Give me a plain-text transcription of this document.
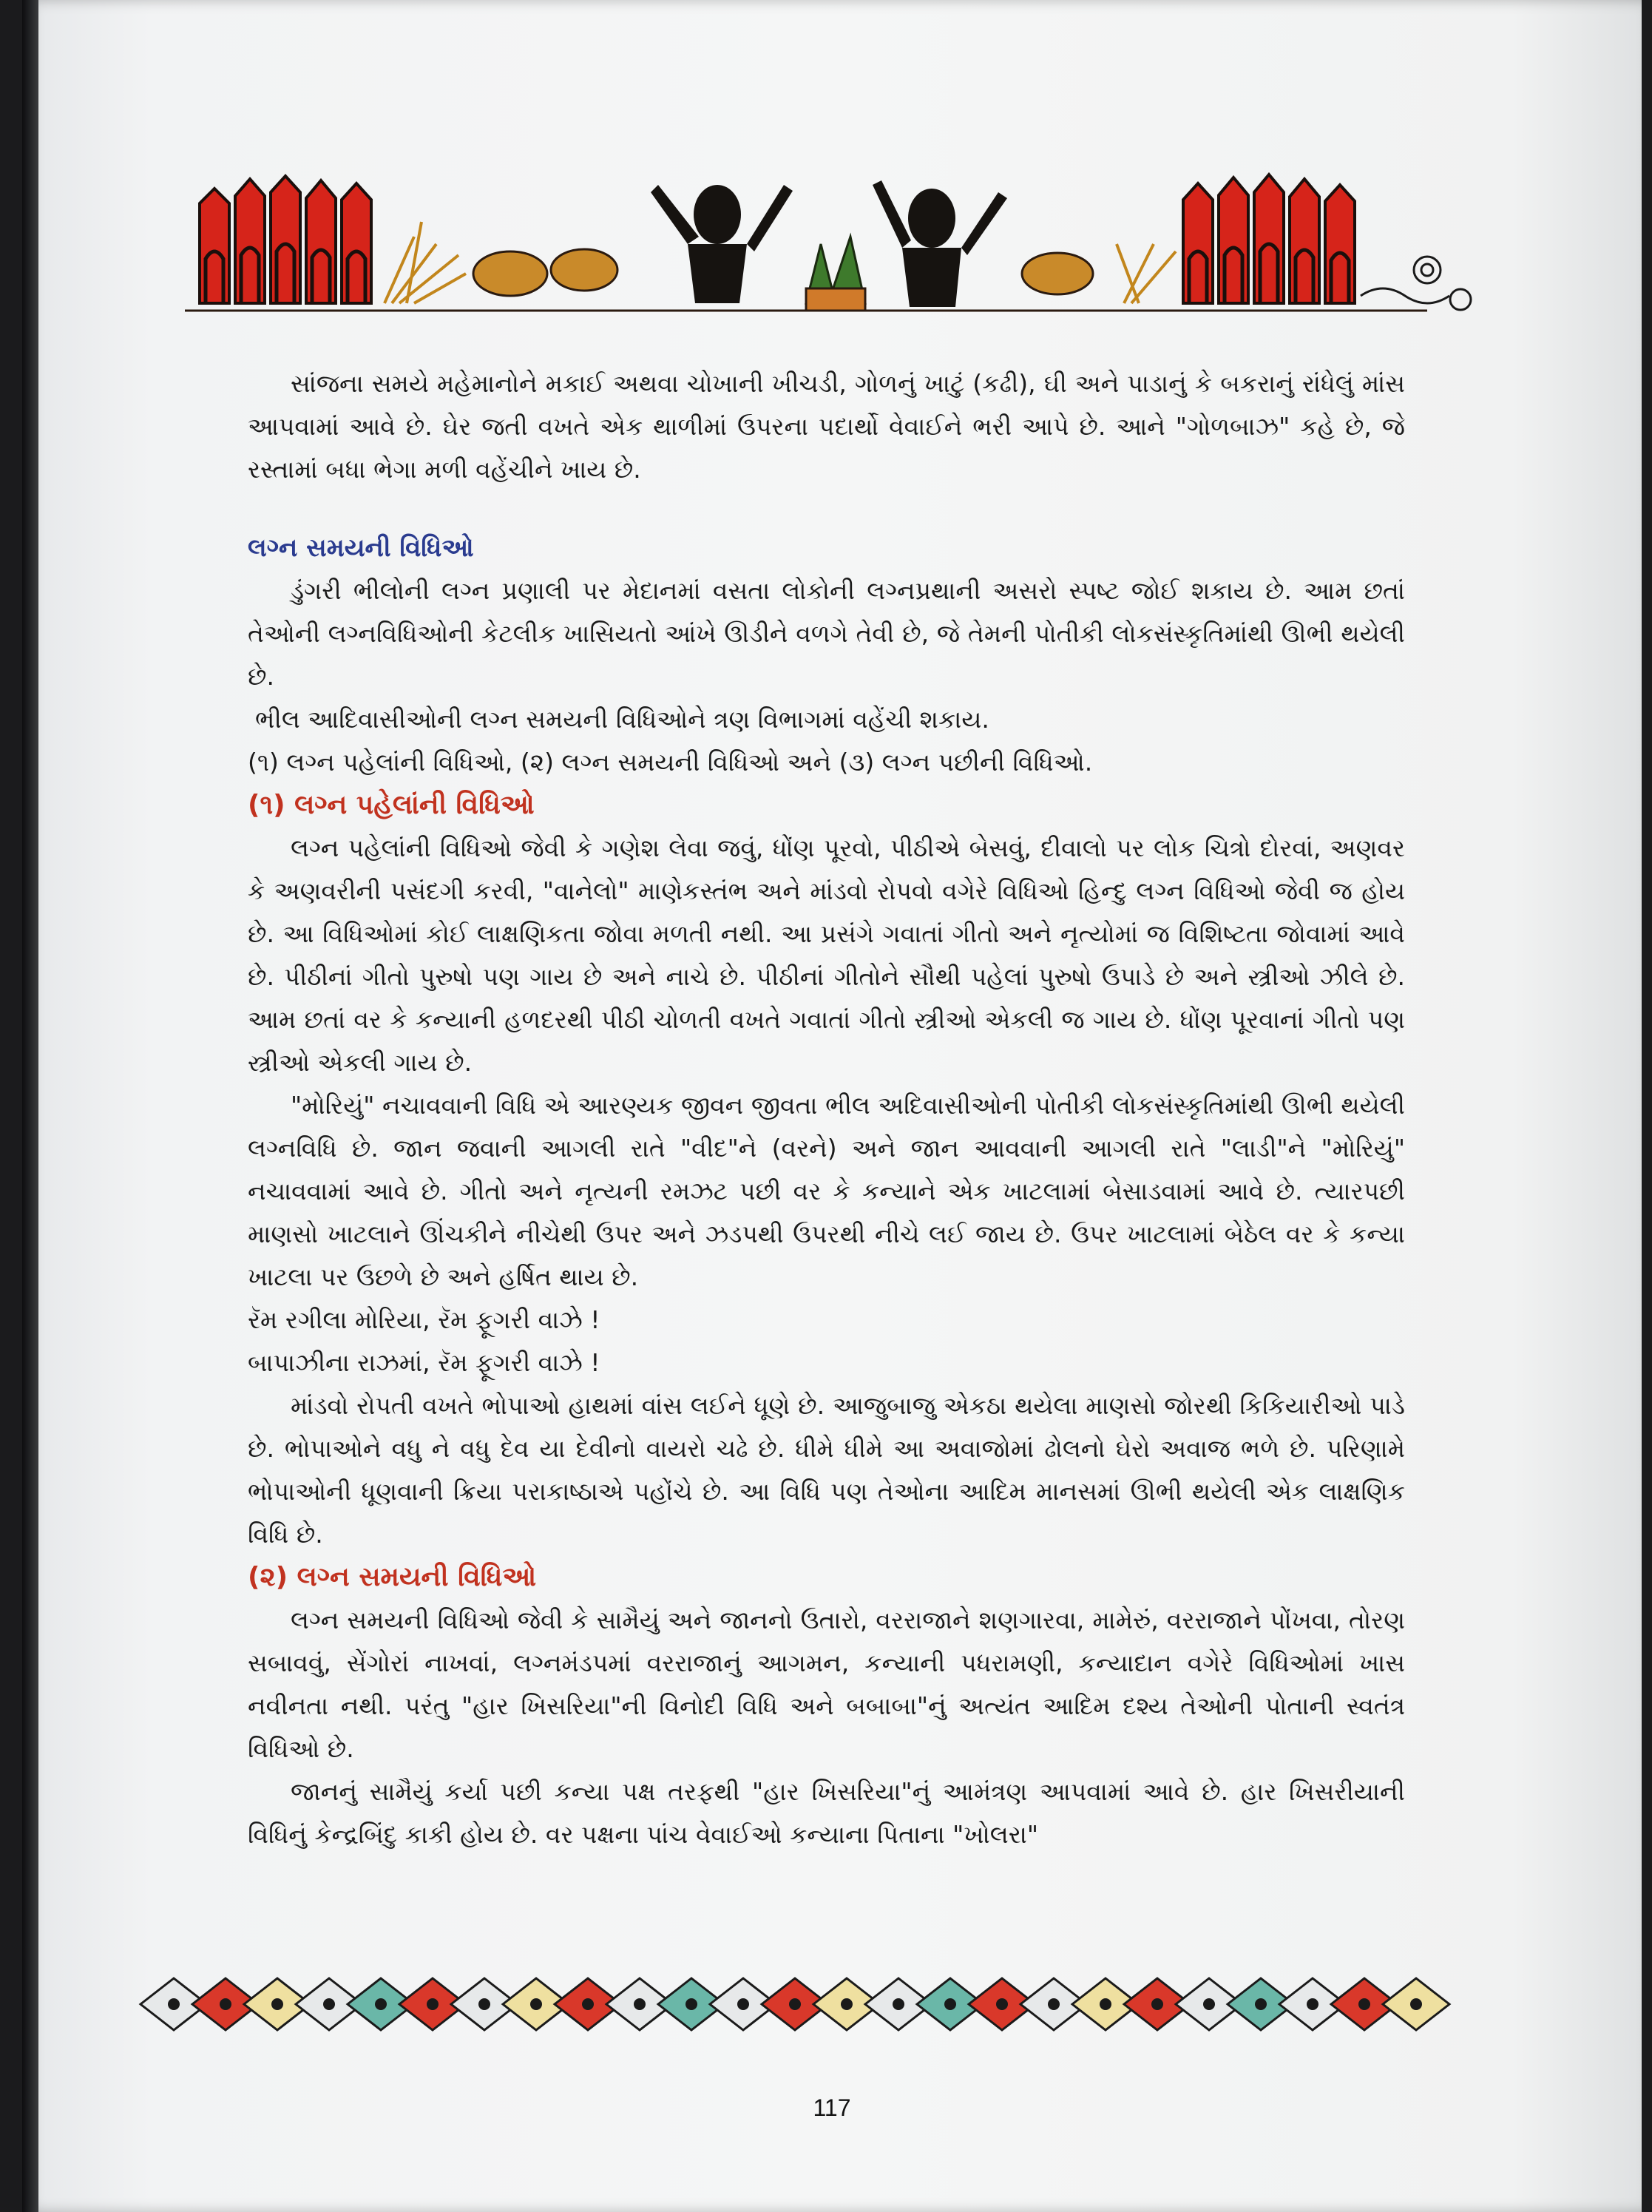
સાંજના સમયે મહેમાનોને મકાઈ અથવા ચોખાની ખીચડી, ગોળનું ખાટું (કઢી), ઘી અને પાડાનું કે બકરાનું રાંધેલું માંસ આપવામાં આવે છે. ઘેર જતી વખતે એક થાળીમાં ઉપરના પદાર્થો વેવાઈને ભરી આપે છે. આને "ગોળબાઝ" કહે છે, જે રસ્તામાં બધા ભેગા મળી વહેંચીને ખાય છે.

લગ્ન સમયની વિધિઓ

ડુંગરી ભીલોની લગ્ન પ્રણાલી પર મેદાનમાં વસતા લોકોની લગ્નપ્રથાની અસરો સ્પષ્ટ જોઈ શકાય છે. આમ છતાં તેઓની લગ્નવિધિઓની કેટલીક ખાસિયતો આંખે ઊડીને વળગે તેવી છે, જે તેમની પોતીકી લોકસંસ્કૃતિમાંથી ઊભી થયેલી છે.

ભીલ આદિવાસીઓની લગ્ન સમયની વિધિઓને ત્રણ વિભાગમાં વહેંચી શકાય.

(૧) લગ્ન પહેલાંની વિધિઓ, (૨) લગ્ન સમયની વિધિઓ અને (૩) લગ્ન પછીની વિધિઓ.

(૧) લગ્ન પહેલાંની વિધિઓ

લગ્ન પહેલાંની વિધિઓ જેવી કે ગણેશ લેવા જવું, ધોંણ પૂરવો, પીઠીએ બેસવું, દીવાલો પર લોક ચિત્રો દોરવાં, અણવર કે અણવરીની પસંદગી કરવી, "વાનેલો" માણેકસ્તંભ અને માંડવો રોપવો વગેરે વિધિઓ હિન્દુ લગ્ન વિધિઓ જેવી જ હોય છે. આ વિધિઓમાં કોઈ લાક્ષણિકતા જોવા મળતી નથી. આ પ્રસંગે ગવાતાં ગીતો અને નૃત્યોમાં જ વિશિષ્ટતા જોવામાં આવે છે. પીઠીનાં ગીતો પુરુષો પણ ગાય છે અને નાચે છે. પીઠીનાં ગીતોને સૌથી પહેલાં પુરુષો ઉપાડે છે અને સ્ત્રીઓ ઝીલે છે. આમ છતાં વર કે કન્યાની હળદરથી પીઠી ચોળતી વખતે ગવાતાં ગીતો સ્ત્રીઓ એકલી જ ગાય છે. ધોંણ પૂરવાનાં ગીતો પણ સ્ત્રીઓ એકલી ગાય છે.

"મોરિયું" નચાવવાની વિધિ એ આરણ્યક જીવન જીવતા ભીલ અદિવાસીઓની પોતીકી લોકસંસ્કૃતિમાંથી ઊભી થયેલી લગ્નવિધિ છે. જાન જવાની આગલી રાતે "વીદ"ને (વરને) અને જાન આવવાની આગલી રાતે "લાડી"ને "મોરિયું" નચાવવામાં આવે છે. ગીતો અને નૃત્યની રમઝટ પછી વર કે કન્યાને એક ખાટલામાં બેસાડવામાં આવે છે. ત્યારપછી માણસો ખાટલાને ઊંચકીને નીચેથી ઉપર અને ઝડપથી ઉપરથી નીચે લઈ જાય છે. ઉપર ખાટલામાં બેઠેલ વર કે કન્યા ખાટલા પર ઉછળે છે અને હર્ષિત થાય છે.

રૅમ રગીલા મોરિયા, રૅમ ફૂગરી વાઝે !

બાપાઝીના રાઝમાં, રૅમ ફૂગરી વાઝે !

માંડવો રોપતી વખતે ભોપાઓ હાથમાં વાંસ લઈને ધૂણે છે. આજુબાજુ એકઠા થયેલા માણસો જોરથી કિકિયારીઓ પાડે છે. ભોપાઓને વધુ ને વધુ દેવ યા દેવીનો વાયરો ચઢે છે. ધીમે ધીમે આ અવાજોમાં ઢોલનો ઘેરો અવાજ ભળે છે. પરિણામે ભોપાઓની ધૂણવાની ક્રિયા પરાકાષ્ઠાએ પહોંચે છે. આ વિધિ પણ તેઓના આદિમ માનસમાં ઊભી થયેલી એક લાક્ષણિક વિધિ છે.

(૨) લગ્ન સમયની વિધિઓ

લગ્ન સમયની વિધિઓ જેવી કે સામૈયું અને જાનનો ઉતારો, વરરાજાને શણગારવા, મામેરું, વરરાજાને પોંખવા, તોરણ સબાવવું, સેંગોરાં નાખવાં, લગ્નમંડપમાં વરરાજાનું આગમન, કન્યાની પધરામણી, કન્યાદાન વગેરે વિધિઓમાં ખાસ નવીનતા નથી. પરંતુ "હાર ખિસરિયા"ની વિનોદી વિધિ અને બબાબા"નું અત્યંત આદિમ દશ્ય તેઓની પોતાની સ્વતંત્ર વિધિઓ છે.

જાનનું સામૈયું કર્યા પછી કન્યા પક્ષ તરફથી "હાર ખિસરિયા"નું આમંત્રણ આપવામાં આવે છે. હાર ખિસરીયાની વિધિનું કેન્દ્રબિંદુ કાકી હોય છે. વર પક્ષના પાંચ વેવાઈઓ કન્યાના પિતાના "ખોલરા"

117
